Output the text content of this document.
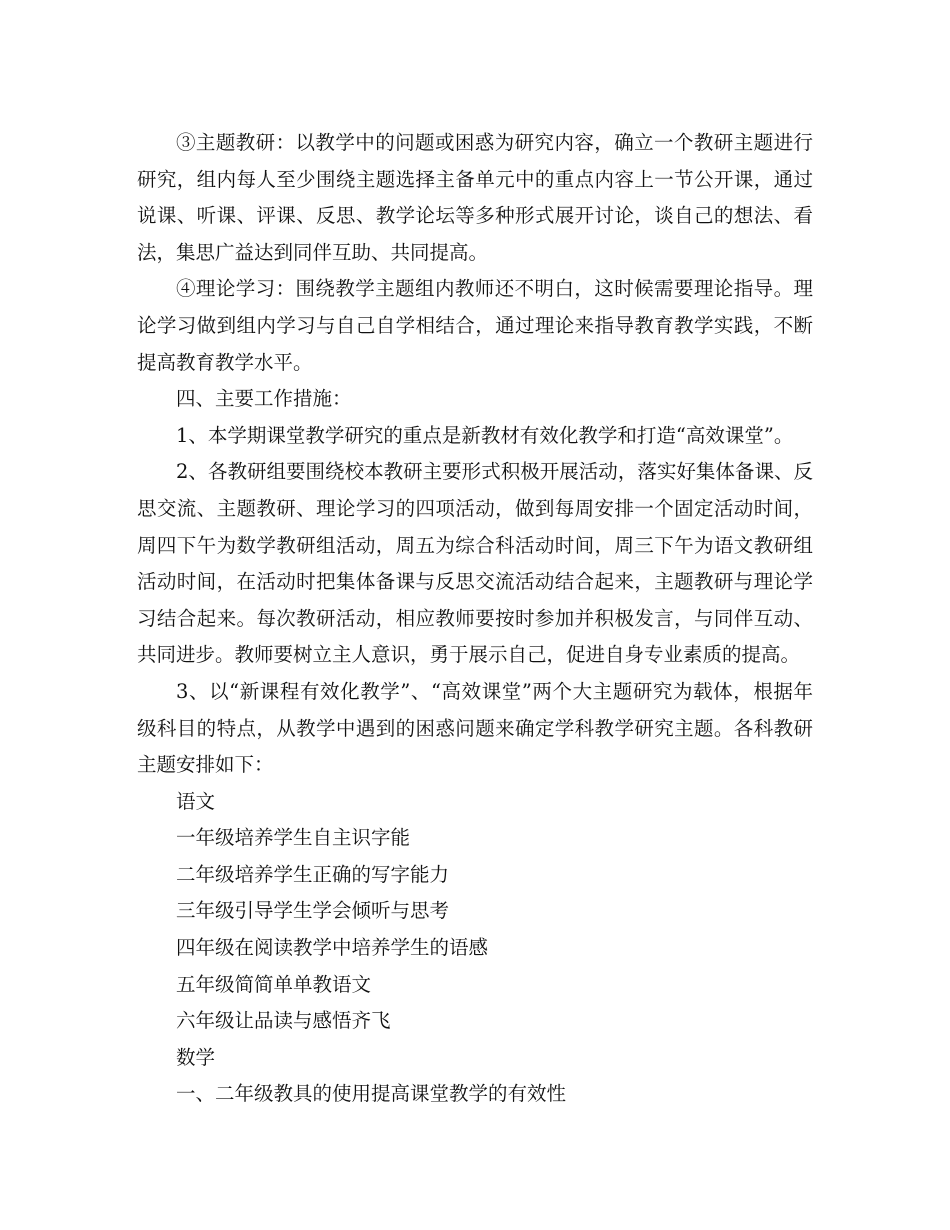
③主题教研：以教学中的问题或困惑为研究内容，确立一个教研主题进行研究，组内每人至少围绕主题选择主备单元中的重点内容上一节公开课，通过说课、听课、评课、反思、教学论坛等多种形式展开讨论，谈自己的想法、看法，集思广益达到同伴互助、共同提高。

④理论学习：围绕教学主题组内教师还不明白，这时候需要理论指导。理论学习做到组内学习与自己自学相结合，通过理论来指导教育教学实践，不断提高教育教学水平。

四、主要工作措施：

1、本学期课堂教学研究的重点是新教材有效化教学和打造“高效课堂”。

2、各教研组要围绕校本教研主要形式积极开展活动，落实好集体备课、反思交流、主题教研、理论学习的四项活动，做到每周安排一个固定活动时间，周四下午为数学教研组活动，周五为综合科活动时间，周三下午为语文教研组活动时间，在活动时把集体备课与反思交流活动结合起来，主题教研与理论学习结合起来。每次教研活动，相应教师要按时参加并积极发言，与同伴互动、共同进步。教师要树立主人意识，勇于展示自己，促进自身专业素质的提高。

3、以“新课程有效化教学”、“高效课堂”两个大主题研究为载体，根据年级科目的特点，从教学中遇到的困惑问题来确定学科教学研究主题。各科教研主题安排如下：

语文

一年级培养学生自主识字能

二年级培养学生正确的写字能力

三年级引导学生学会倾听与思考

四年级在阅读教学中培养学生的语感

五年级简简单单教语文

六年级让品读与感悟齐飞

数学

一、二年级教具的使用提高课堂教学的有效性
